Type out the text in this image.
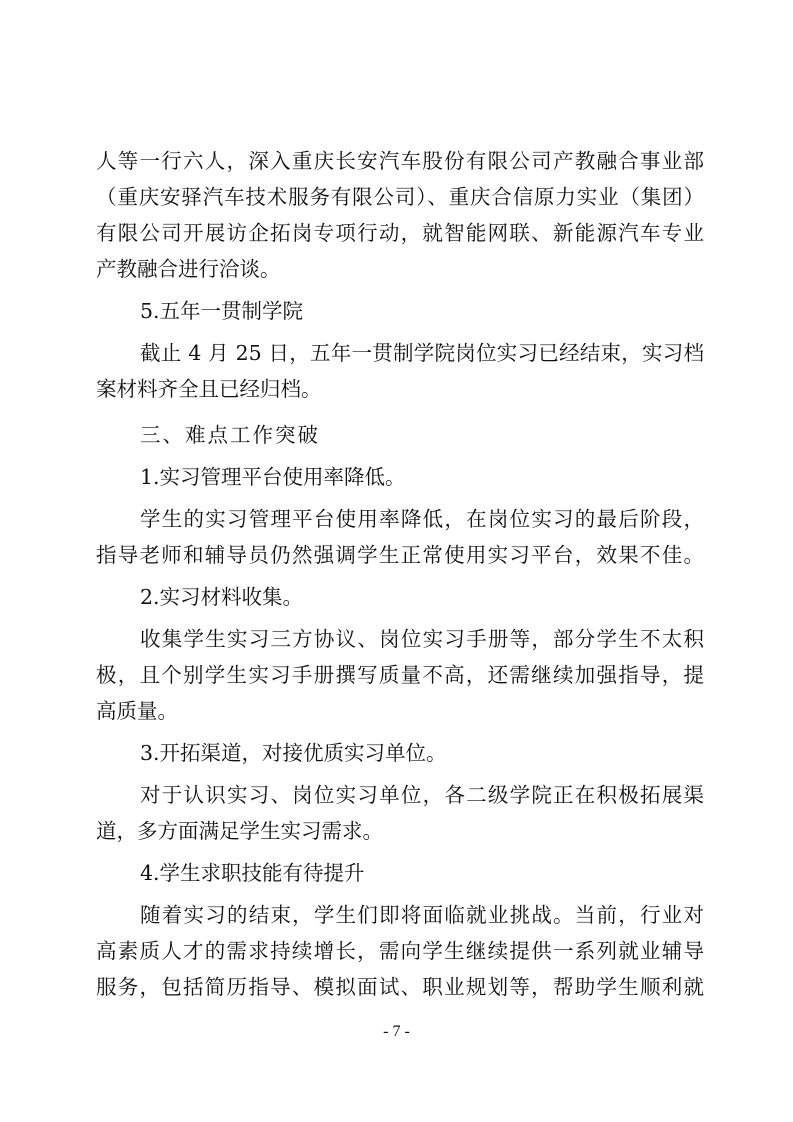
人等一行六人，深入重庆长安汽车股份有限公司产教融合事业部
（重庆安驿汽车技术服务有限公司）、重庆合信原力实业（集团）
有限公司开展访企拓岗专项行动，就智能网联、新能源汽车专业
产教融合进行洽谈。
5.五年一贯制学院
截止 4 月 25 日，五年一贯制学院岗位实习已经结束，实习档
案材料齐全且已经归档。
三、难点工作突破
1.实习管理平台使用率降低。
学生的实习管理平台使用率降低，在岗位实习的最后阶段，
指导老师和辅导员仍然强调学生正常使用实习平台，效果不佳。
2.实习材料收集。
收集学生实习三方协议、岗位实习手册等，部分学生不太积
极，且个别学生实习手册撰写质量不高，还需继续加强指导，提
高质量。
3.开拓渠道，对接优质实习单位。
对于认识实习、岗位实习单位，各二级学院正在积极拓展渠
道，多方面满足学生实习需求。
4.学生求职技能有待提升
随着实习的结束，学生们即将面临就业挑战。当前，行业对
高素质人才的需求持续增长，需向学生继续提供一系列就业辅导
服务，包括简历指导、模拟面试、职业规划等，帮助学生顺利就
- 7 -
